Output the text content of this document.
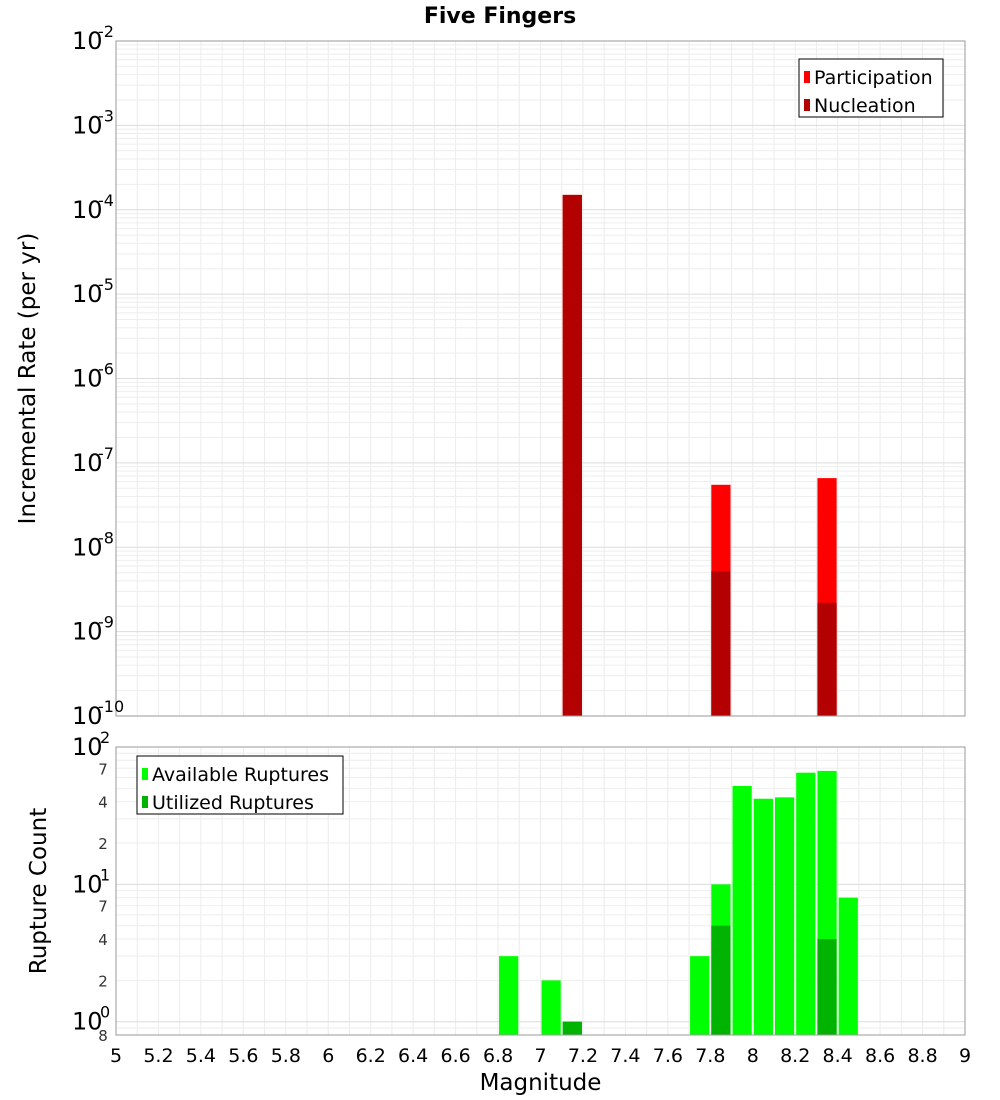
Five Fingers
10
-2
10
-3
10
-4
10
-5
10
-6
10
-7
10
-8
10
-9
10
-10
Incremental Rate (per yr)
Participation
Nucleation
10
2
10
1
10
0
7
4
2
7
4
2
8
5 5.2 5.4 5.6 5.8 6 6.2 6.4 6.6 6.8 7 7.2 7.4 7.6 7.8 8 8.2 8.4 8.6 8.8 9
Rupture Count
Magnitude
Available Ruptures
Utilized Ruptures
